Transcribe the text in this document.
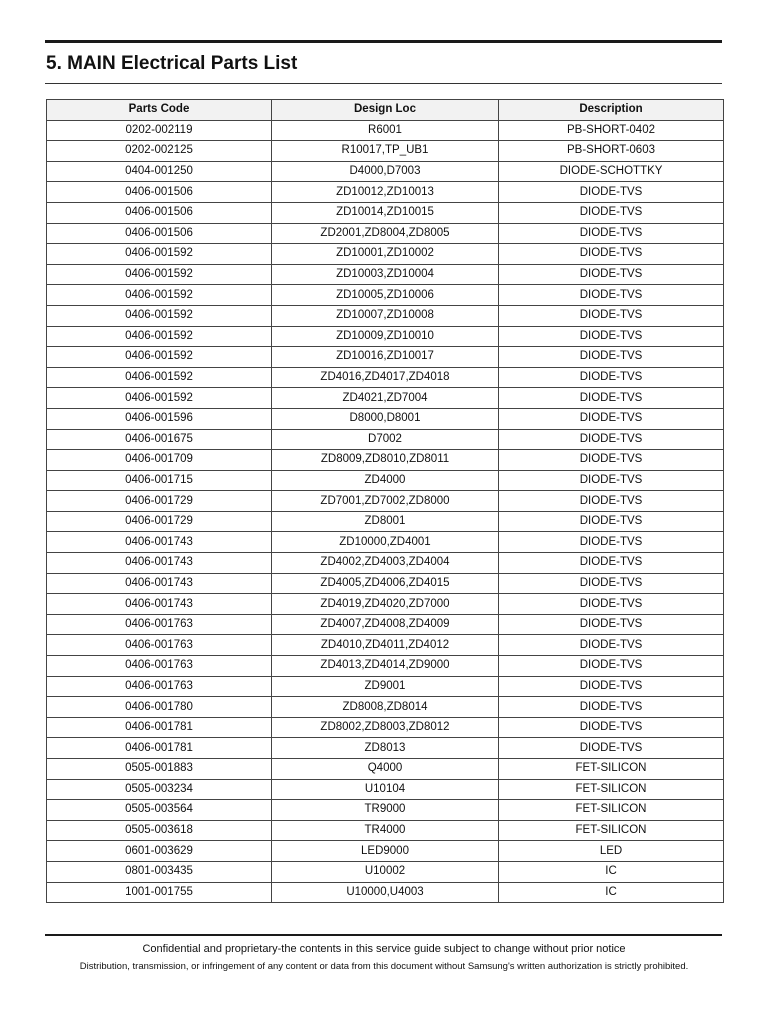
5. MAIN Electrical Parts List
Parts Code	Design Loc	Description
0202-002119	R6001	PB-SHORT-0402
0202-002125	R10017,TP_UB1	PB-SHORT-0603
0404-001250	D4000,D7003	DIODE-SCHOTTKY
0406-001506	ZD10012,ZD10013	DIODE-TVS
0406-001506	ZD10014,ZD10015	DIODE-TVS
0406-001506	ZD2001,ZD8004,ZD8005	DIODE-TVS
0406-001592	ZD10001,ZD10002	DIODE-TVS
0406-001592	ZD10003,ZD10004	DIODE-TVS
0406-001592	ZD10005,ZD10006	DIODE-TVS
0406-001592	ZD10007,ZD10008	DIODE-TVS
0406-001592	ZD10009,ZD10010	DIODE-TVS
0406-001592	ZD10016,ZD10017	DIODE-TVS
0406-001592	ZD4016,ZD4017,ZD4018	DIODE-TVS
0406-001592	ZD4021,ZD7004	DIODE-TVS
0406-001596	D8000,D8001	DIODE-TVS
0406-001675	D7002	DIODE-TVS
0406-001709	ZD8009,ZD8010,ZD8011	DIODE-TVS
0406-001715	ZD4000	DIODE-TVS
0406-001729	ZD7001,ZD7002,ZD8000	DIODE-TVS
0406-001729	ZD8001	DIODE-TVS
0406-001743	ZD10000,ZD4001	DIODE-TVS
0406-001743	ZD4002,ZD4003,ZD4004	DIODE-TVS
0406-001743	ZD4005,ZD4006,ZD4015	DIODE-TVS
0406-001743	ZD4019,ZD4020,ZD7000	DIODE-TVS
0406-001763	ZD4007,ZD4008,ZD4009	DIODE-TVS
0406-001763	ZD4010,ZD4011,ZD4012	DIODE-TVS
0406-001763	ZD4013,ZD4014,ZD9000	DIODE-TVS
0406-001763	ZD9001	DIODE-TVS
0406-001780	ZD8008,ZD8014	DIODE-TVS
0406-001781	ZD8002,ZD8003,ZD8012	DIODE-TVS
0406-001781	ZD8013	DIODE-TVS
0505-001883	Q4000	FET-SILICON
0505-003234	U10104	FET-SILICON
0505-003564	TR9000	FET-SILICON
0505-003618	TR4000	FET-SILICON
0601-003629	LED9000	LED
0801-003435	U10002	IC
1001-001755	U10000,U4003	IC
Confidential and proprietary-the contents in this service guide subject to change without prior notice
Distribution, transmission, or infringement of any content or data from this document without Samsung's written authorization is strictly prohibited.
